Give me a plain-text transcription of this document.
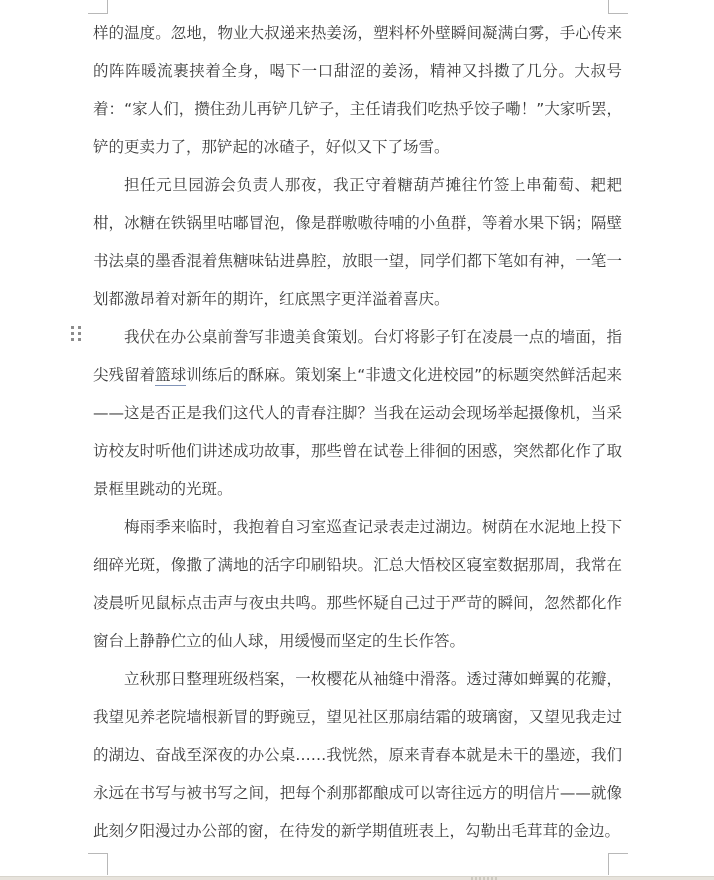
样的温度。忽地，物业大叔递来热姜汤，塑料杯外壁瞬间凝满白雾，手心传来的阵阵暖流裹挟着全身，喝下一口甜涩的姜汤，精神又抖擞了几分。大叔号着：“家人们，攒住劲儿再铲几铲子，主任请我们吃热乎饺子嘞！”大家听罢，铲的更卖力了，那铲起的冰碴子，好似又下了场雪。

担任元旦园游会负责人那夜，我正守着糖葫芦摊往竹签上串葡萄、耙耙柑，冰糖在铁锅里咕嘟冒泡，像是群嗷嗷待哺的小鱼群，等着水果下锅；隔壁书法桌的墨香混着焦糖味钻进鼻腔，放眼一望，同学们都下笔如有神，一笔一划都激昂着对新年的期许，红底黑字更洋溢着喜庆。

我伏在办公桌前誊写非遗美食策划。台灯将影子钉在凌晨一点的墙面，指尖残留着篮球训练后的酥麻。策划案上“非遗文化进校园”的标题突然鲜活起来——这是否正是我们这代人的青春注脚？当我在运动会现场举起摄像机，当采访校友时听他们讲述成功故事，那些曾在试卷上徘徊的困惑，突然都化作了取景框里跳动的光斑。

梅雨季来临时，我抱着自习室巡查记录表走过湖边。树荫在水泥地上投下细碎光斑，像撒了满地的活字印刷铅块。汇总大悟校区寝室数据那周，我常在凌晨听见鼠标点击声与夜虫共鸣。那些怀疑自己过于严苛的瞬间，忽然都化作窗台上静静伫立的仙人球，用缓慢而坚定的生长作答。

立秋那日整理班级档案，一枚樱花从袖缝中滑落。透过薄如蝉翼的花瓣，我望见养老院墙根新冒的野豌豆，望见社区那扇结霜的玻璃窗，又望见我走过的湖边、奋战至深夜的办公桌……我恍然，原来青春本就是未干的墨迹，我们永远在书写与被书写之间，把每个刹那都酿成可以寄往远方的明信片——就像此刻夕阳漫过办公部的窗，在待发的新学期值班表上，勾勒出毛茸茸的金边。
